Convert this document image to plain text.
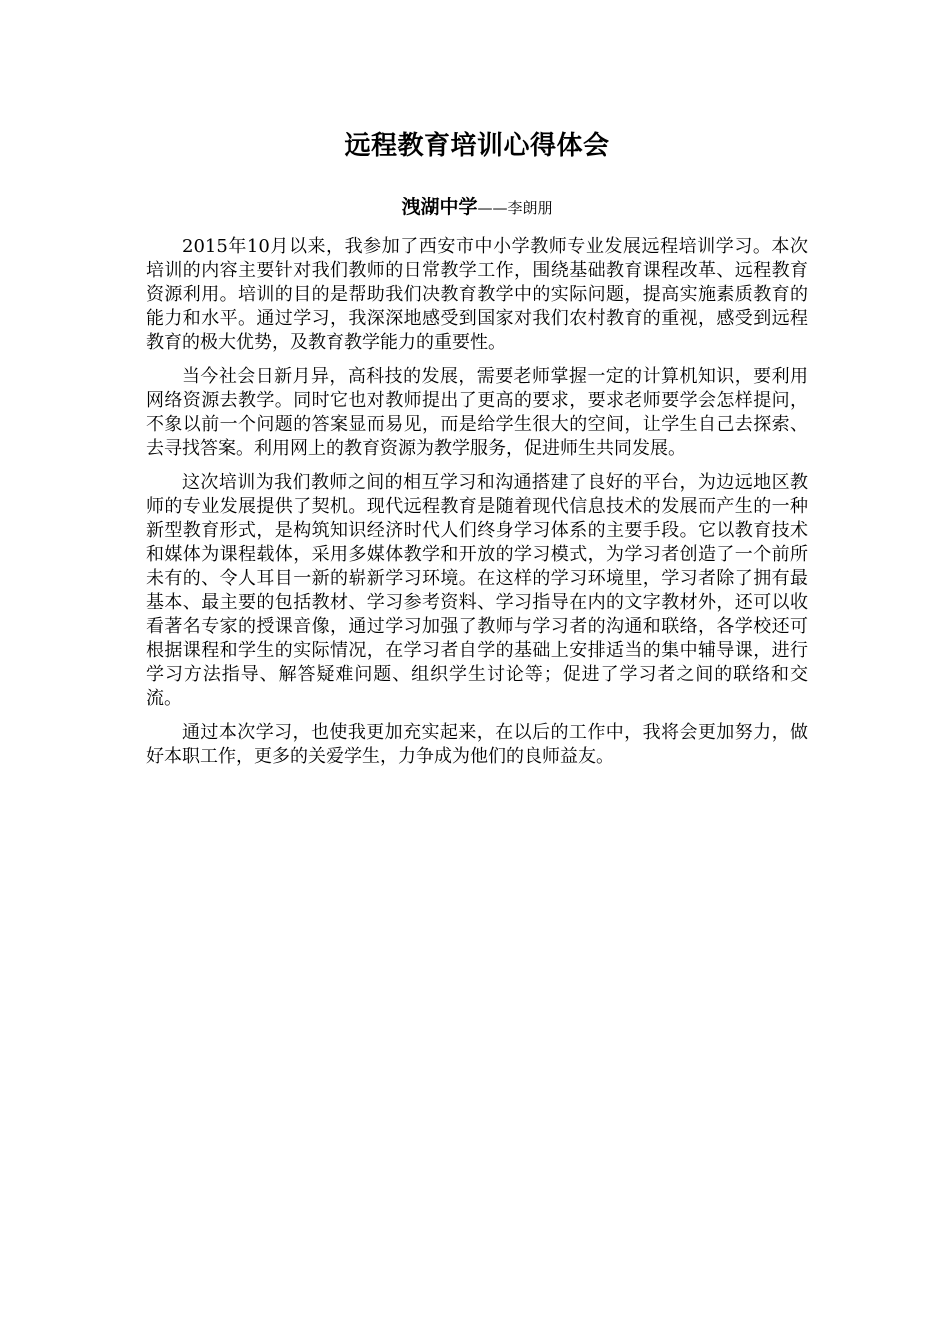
远程教育培训心得体会
洩湖中学——李朗朋

2015年10月以来，我参加了西安市中小学教师专业发展远程培训学习。本次培训的内容主要针对我们教师的日常教学工作，围绕基础教育课程改革、远程教育资源利用。培训的目的是帮助我们决教育教学中的实际问题，提高实施素质教育的能力和水平。通过学习，我深深地感受到国家对我们农村教育的重视，感受到远程教育的极大优势，及教育教学能力的重要性。

当今社会日新月异，高科技的发展，需要老师掌握一定的计算机知识，要利用网络资源去教学。同时它也对教师提出了更高的要求，要求老师要学会怎样提问，不象以前一个问题的答案显而易见，而是给学生很大的空间，让学生自己去探索、去寻找答案。利用网上的教育资源为教学服务，促进师生共同发展。

这次培训为我们教师之间的相互学习和沟通搭建了良好的平台，为边远地区教师的专业发展提供了契机。现代远程教育是随着现代信息技术的发展而产生的一种新型教育形式，是构筑知识经济时代人们终身学习体系的主要手段。它以教育技术和媒体为课程载体，采用多媒体教学和开放的学习模式，为学习者创造了一个前所未有的、令人耳目一新的崭新学习环境。在这样的学习环境里，学习者除了拥有最基本、最主要的包括教材、学习参考资料、学习指导在内的文字教材外，还可以收看著名专家的授课音像，通过学习加强了教师与学习者的沟通和联络，各学校还可根据课程和学生的实际情况，在学习者自学的基础上安排适当的集中辅导课，进行学习方法指导、解答疑难问题、组织学生讨论等；促进了学习者之间的联络和交流。

通过本次学习，也使我更加充实起来，在以后的工作中，我将会更加努力，做好本职工作，更多的关爱学生，力争成为他们的良师益友。
